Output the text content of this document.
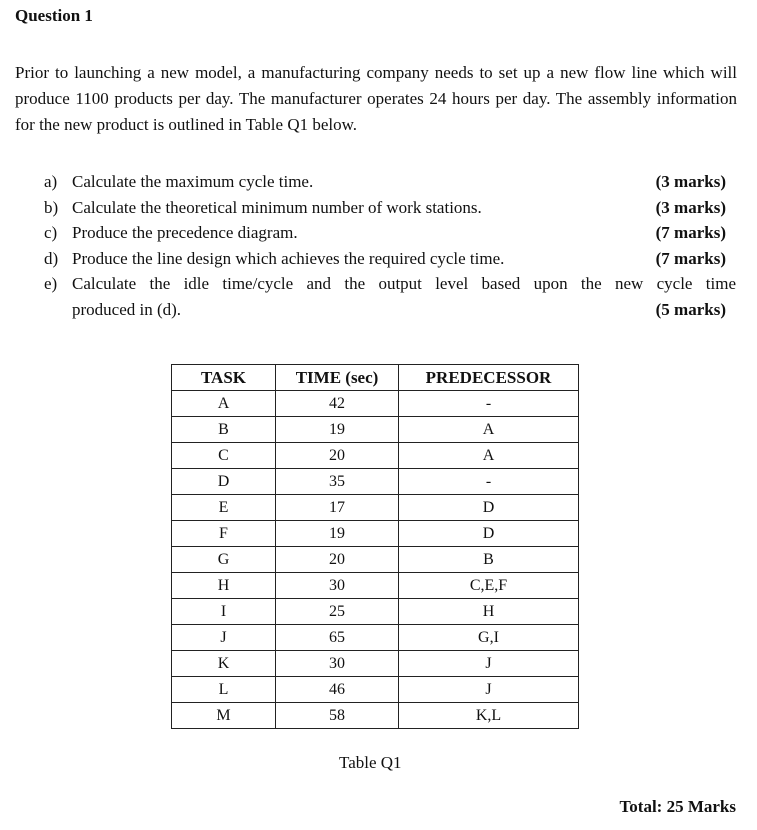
Question 1
Prior to launching a new model, a manufacturing company needs to set up a new flow line which will produce 1100 products per day. The manufacturer operates 24 hours per day. The assembly information for the new product is outlined in Table Q1 below.
a) Calculate the maximum cycle time.	(3 marks)
b) Calculate the theoretical minimum number of work stations.	(3 marks)
c) Produce the precedence diagram.	(7 marks)
d) Produce the line design which achieves the required cycle time.	(7 marks)
e) Calculate the idle time/cycle and the output level based upon the new cycle time
produced in (d).	(5 marks)
TASK	TIME (sec)	PREDECESSOR
A	42	-
B	19	A
C	20	A
D	35	-
E	17	D
F	19	D
G	20	B
H	30	C,E,F
I	25	H
J	65	G,I
K	30	J
L	46	J
M	58	K,L
Table Q1
Total: 25 Marks
